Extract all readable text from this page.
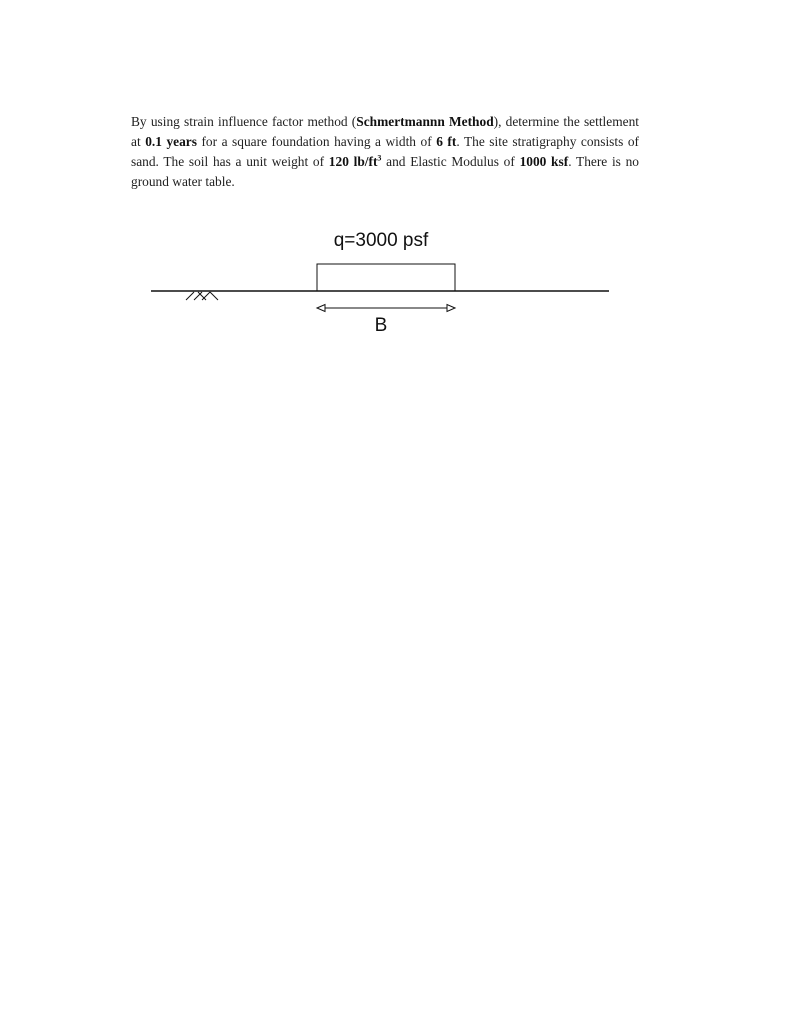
By using strain influence factor method (Schmertmannn Method), determine the settlement at 0.1 years for a square foundation having a width of 6 ft. The site stratigraphy consists of sand. The soil has a unit weight of 120 $lb/ft^3$ and Elastic Modulus of 1000 ksf. There is no ground water table.

q=3000 psf
B
